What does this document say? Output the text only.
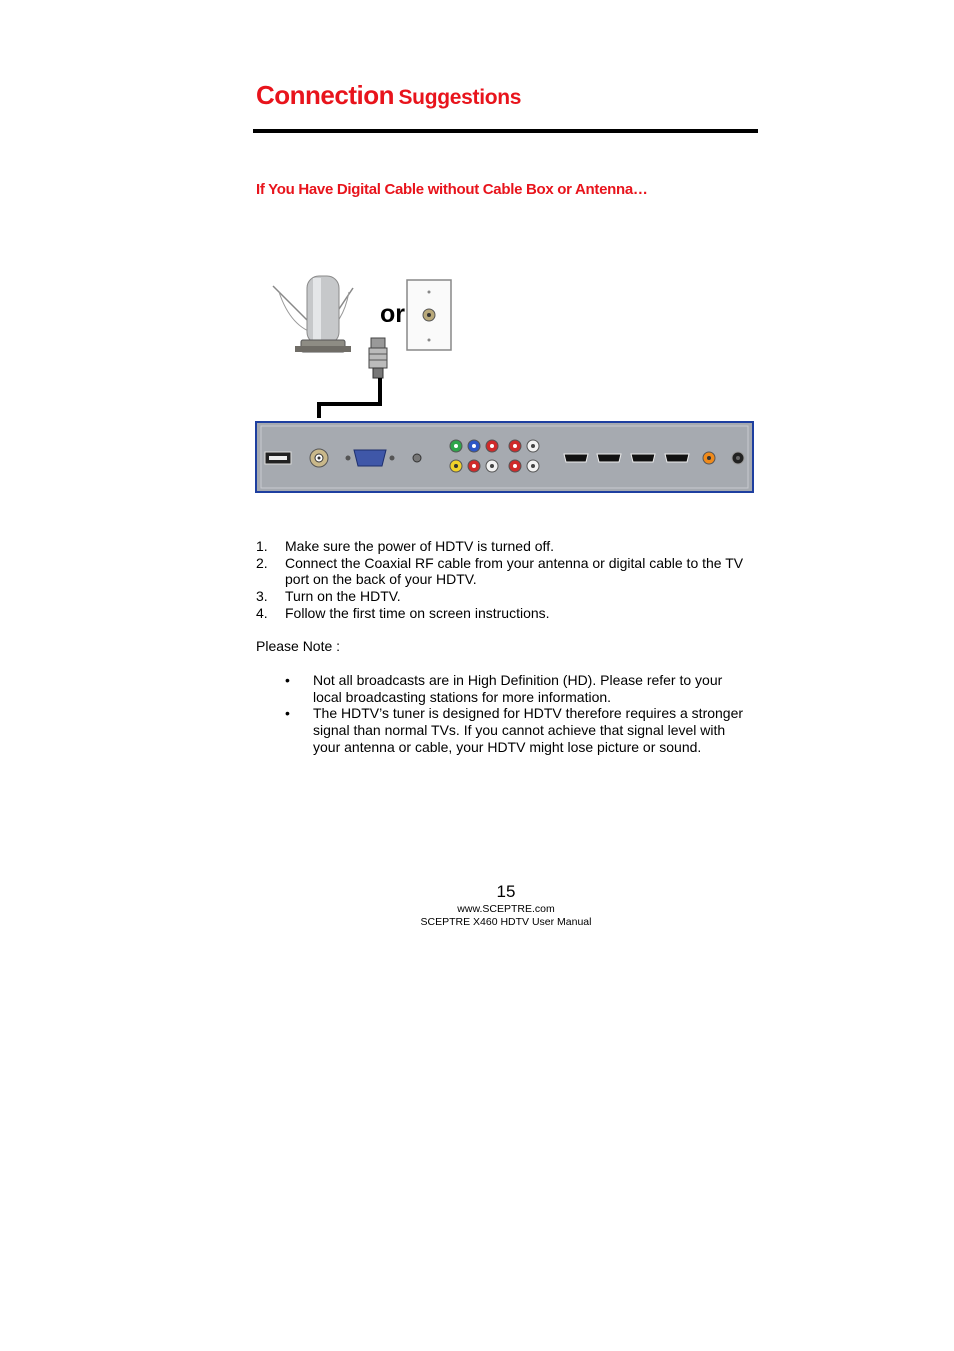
Connection Suggestions
If You Have Digital Cable without Cable Box or Antenna…
or
1. Make sure the power of HDTV is turned off.
2. Connect the Coaxial RF cable from your antenna or digital cable to the TV port on the back of your HDTV.
3. Turn on the HDTV.
4. Follow the first time on screen instructions.
Please Note :
• Not all broadcasts are in High Definition (HD). Please refer to your local broadcasting stations for more information.
• The HDTV’s tuner is designed for HDTV therefore requires a stronger signal than normal TVs. If you cannot achieve that signal level with your antenna or cable, your HDTV might lose picture or sound.
15
www.SCEPTRE.com
SCEPTRE X460 HDTV User Manual
